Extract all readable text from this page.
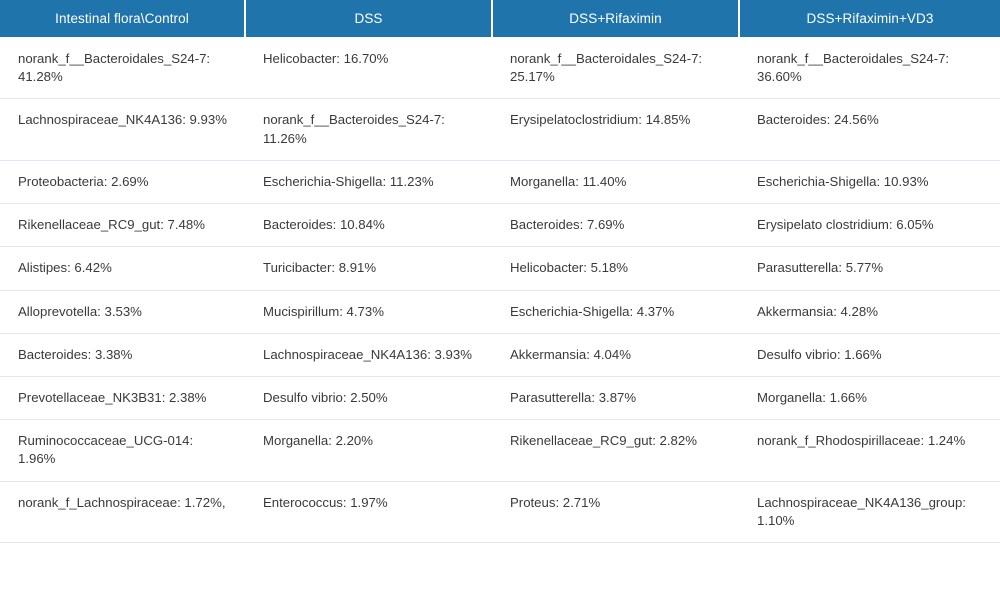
Intestinal flora\Control	DSS	DSS+Rifaximin	DSS+Rifaximin+VD3
norank_f__Bacteroidales_S24-7: 41.28%	Helicobacter: 16.70%	norank_f__Bacteroidales_S24-7: 25.17%	norank_f__Bacteroidales_S24-7: 36.60%
Lachnospiraceae_NK4A136: 9.93%	norank_f__Bacteroides_S24-7: 11.26%	Erysipelatoclostridium: 14.85%	Bacteroides: 24.56%
Proteobacteria: 2.69%	Escherichia-Shigella: 11.23%	Morganella: 11.40%	Escherichia-Shigella: 10.93%
Rikenellaceae_RC9_gut: 7.48%	Bacteroides: 10.84%	Bacteroides: 7.69%	Erysipelato clostridium: 6.05%
Alistipes: 6.42%	Turicibacter: 8.91%	Helicobacter: 5.18%	Parasutterella: 5.77%
Alloprevotella: 3.53%	Mucispirillum: 4.73%	Escherichia-Shigella: 4.37%	Akkermansia: 4.28%
Bacteroides: 3.38%	Lachnospiraceae_NK4A136: 3.93%	Akkermansia: 4.04%	Desulfo vibrio: 1.66%
Prevotellaceae_NK3B31: 2.38%	Desulfo vibrio: 2.50%	Parasutterella: 3.87%	Morganella: 1.66%
Ruminococcaceae_UCG-014: 1.96%	Morganella: 2.20%	Rikenellaceae_RC9_gut: 2.82%	norank_f_Rhodospirillaceae: 1.24%
norank_f_Lachnospiraceae: 1.72%,	Enterococcus: 1.97%	Proteus: 2.71%	Lachnospiraceae_NK4A136_group: 1.10%
